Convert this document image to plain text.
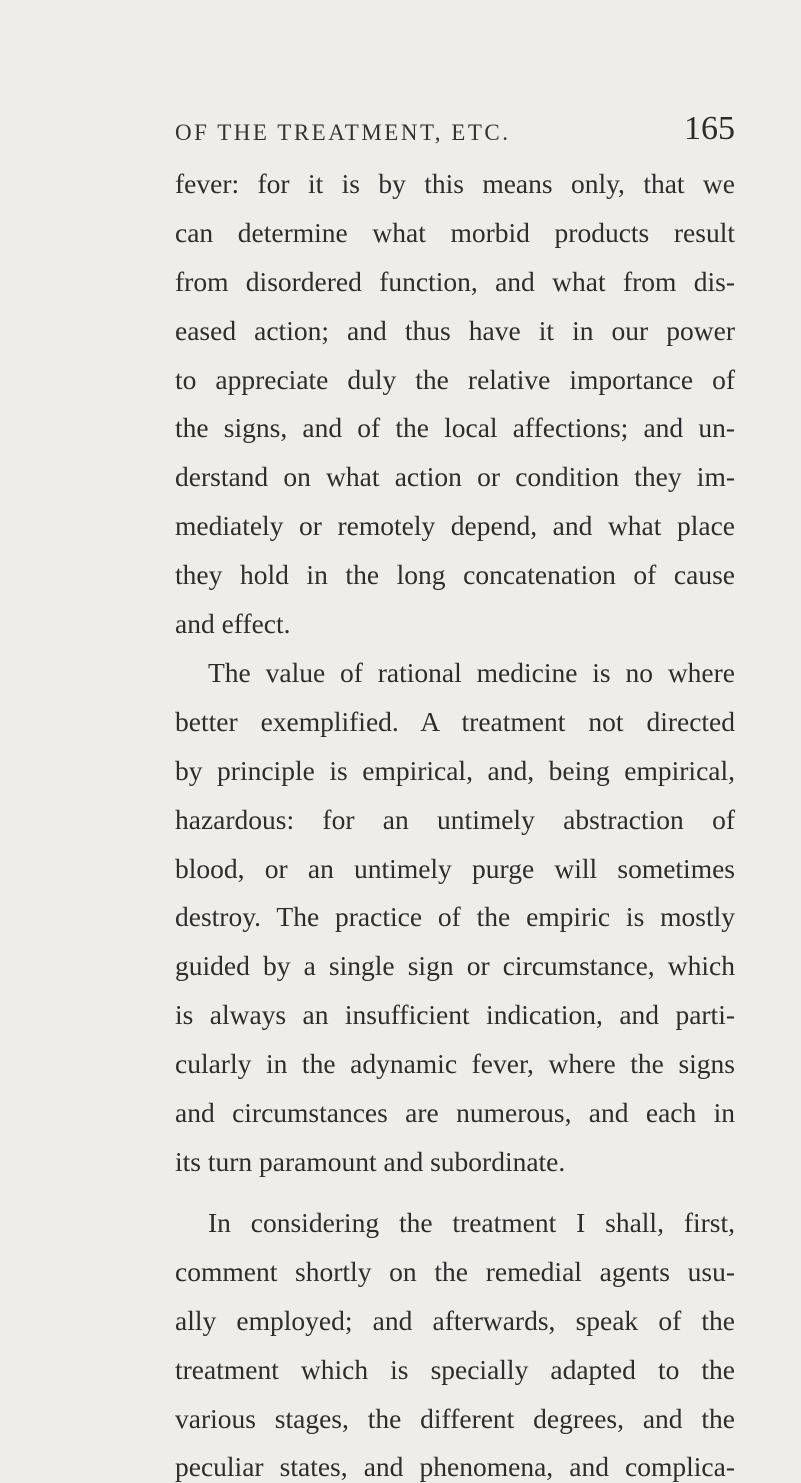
OF THE TREATMENT, ETC.	165
fever: for it is by this means only, that we
can determine what morbid products result
from disordered function, and what from dis-
eased action; and thus have it in our power
to appreciate duly the relative importance of
the signs, and of the local affections; and un-
derstand on what action or condition they im-
mediately or remotely depend, and what place
they hold in the long concatenation of cause
and effect.
The value of rational medicine is no where
better exemplified. A treatment not directed
by principle is empirical, and, being empirical,
hazardous: for an untimely abstraction of
blood, or an untimely purge will sometimes
destroy. The practice of the empiric is mostly
guided by a single sign or circumstance, which
is always an insufficient indication, and parti-
cularly in the adynamic fever, where the signs
and circumstances are numerous, and each in
its turn paramount and subordinate.
In considering the treatment I shall, first,
comment shortly on the remedial agents usu-
ally employed; and afterwards, speak of the
treatment which is specially adapted to the
various stages, the different degrees, and the
peculiar states, and phenomena, and complica-
